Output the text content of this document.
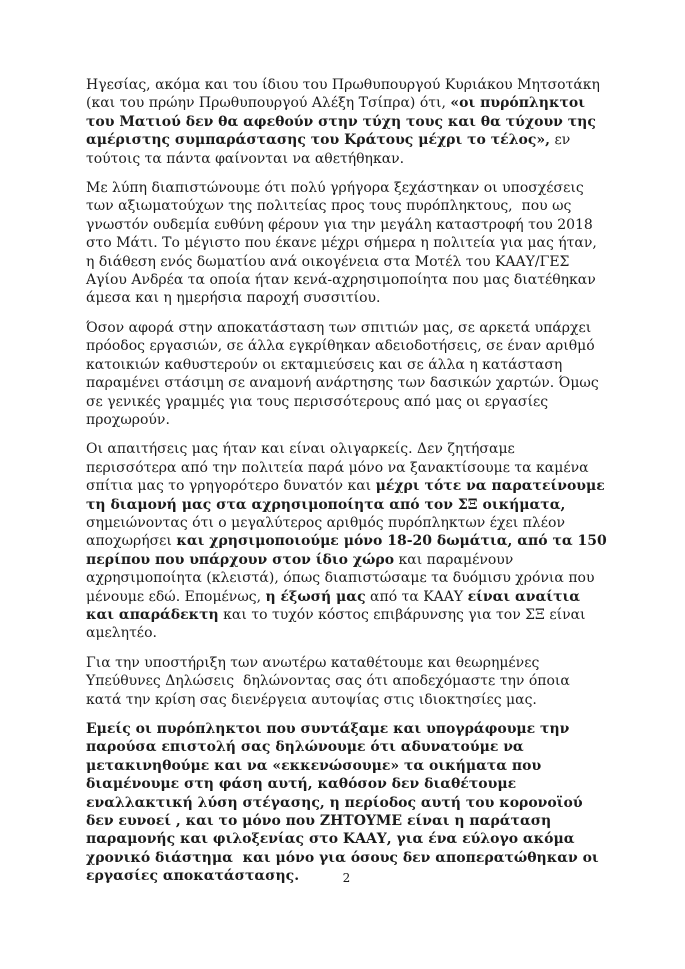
Ηγεσίας, ακόμα και του ίδιου του Πρωθυπουργού Κυριάκου Μητσοτάκη (και του πρώην Πρωθυπουργού Αλέξη Τσίπρα) ότι, «οι πυρόπληκτοι του Ματιού δεν θα αφεθούν στην τύχη τους και θα τύχουν της αμέριστης συμπαράστασης του Κράτους μέχρι το τέλος», εν τούτοις τα πάντα φαίνονται να αθετήθηκαν.

Με λύπη διαπιστώνουμε ότι πολύ γρήγορα ξεχάστηκαν οι υποσχέσεις των αξιωματούχων της πολιτείας προς τους πυρόπληκτους,  που ως γνωστόν ουδεμία ευθύνη φέρουν για την μεγάλη καταστροφή του 2018 στο Μάτι. Το μέγιστο που έκανε μέχρι σήμερα η πολιτεία για μας ήταν, η διάθεση ενός δωματίου ανά οικογένεια στα Μοτέλ του ΚΑΑΥ/ΓΕΣ Αγίου Ανδρέα τα οποία ήταν κενά-αχρησιμοποίητα που μας διατέθηκαν άμεσα και η ημερήσια παροχή συσσιτίου.

Όσον αφορά στην αποκατάσταση των σπιτιών μας, σε αρκετά υπάρχει πρόοδος εργασιών, σε άλλα εγκρίθηκαν αδειοδοτήσεις, σε έναν αριθμό κατοικιών καθυστερούν οι εκταμιεύσεις και σε άλλα η κατάσταση παραμένει στάσιμη σε αναμονή ανάρτησης των δασικών χαρτών. Όμως σε γενικές γραμμές για τους περισσότερους από μας οι εργασίες προχωρούν.

Οι απαιτήσεις μας ήταν και είναι ολιγαρκείς. Δεν ζητήσαμε περισσότερα από την πολιτεία παρά μόνο να ξανακτίσουμε τα καμένα σπίτια μας το γρηγορότερο δυνατόν και μέχρι τότε να παρατείνουμε τη διαμονή μας στα αχρησιμοποίητα από τον ΣΞ οικήματα, σημειώνοντας ότι ο μεγαλύτερος αριθμός πυρόπληκτων έχει πλέον αποχωρήσει και χρησιμοποιούμε μόνο 18-20 δωμάτια, από τα 150 περίπου που υπάρχουν στον ίδιο χώρο και παραμένουν αχρησιμοποίητα (κλειστά), όπως διαπιστώσαμε τα δυόμισυ χρόνια που μένουμε εδώ. Επομένως, η έξωσή μας από τα ΚΑΑΥ είναι αναίτια και απαράδεκτη και το τυχόν κόστος επιβάρυνσης για τον ΣΞ είναι αμελητέο.

Για την υποστήριξη των ανωτέρω καταθέτουμε και θεωρημένες Υπεύθυνες Δηλώσεις  δηλώνοντας σας ότι αποδεχόμαστε την όποια κατά την κρίση σας διενέργεια αυτοψίας στις ιδιοκτησίες μας.

Εμείς οι πυρόπληκτοι που συντάξαμε και υπογράφουμε την παρούσα επιστολή σας δηλώνουμε ότι αδυνατούμε να μετακινηθούμε και να «εκκενώσουμε» τα οικήματα που διαμένουμε στη φάση αυτή, καθόσον δεν διαθέτουμε εναλλακτική λύση στέγασης, η περίοδος αυτή του κορονοϊού  δεν ευνοεί , και το μόνο που ΖΗΤΟΥΜΕ είναι η παράταση παραμονής και φιλοξενίας στο ΚΑΑΥ, για ένα εύλογο ακόμα χρονικό διάστημα  και μόνο για όσους δεν αποπερατώθηκαν οι εργασίες αποκατάστασης.	2
